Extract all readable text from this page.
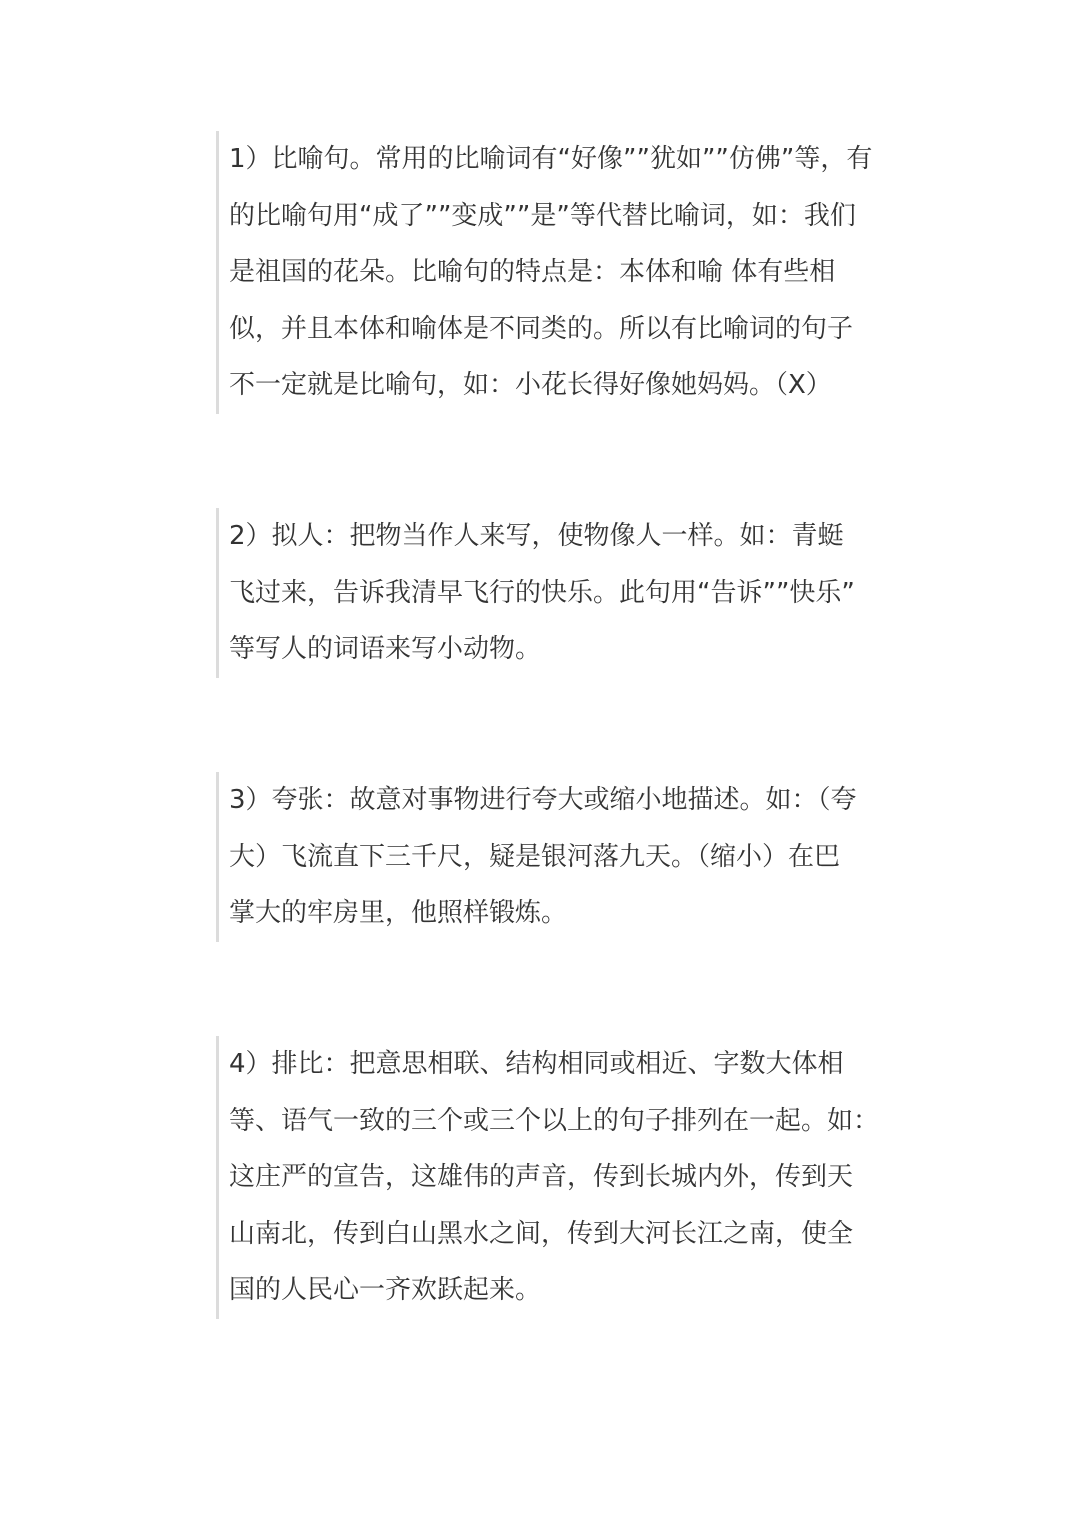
1）比喻句。常用的比喻词有“好像””犹如””仿佛”等，有
的比喻句用“成了””变成””是”等代替比喻词，如：我们
是祖国的花朵。比喻句的特点是：本体和喻 体有些相
似，并且本体和喻体是不同类的。所以有比喻词的句子
不一定就是比喻句，如：小花长得好像她妈妈。（X）
2）拟人：把物当作人来写，使物像人一样。如：青蜓
飞过来，告诉我清早飞行的快乐。此句用“告诉””快乐”
等写人的词语来写小动物。
3）夸张：故意对事物进行夸大或缩小地描述。如：（夸
大）飞流直下三千尺，疑是银河落九天。（缩小）在巴
掌大的牢房里，他照样锻炼。
4）排比：把意思相联、结构相同或相近、字数大体相
等、语气一致的三个或三个以上的句子排列在一起。如：
这庄严的宣告，这雄伟的声音，传到长城内外，传到天
山南北，传到白山黑水之间，传到大河长江之南，使全
国的人民心一齐欢跃起来。
